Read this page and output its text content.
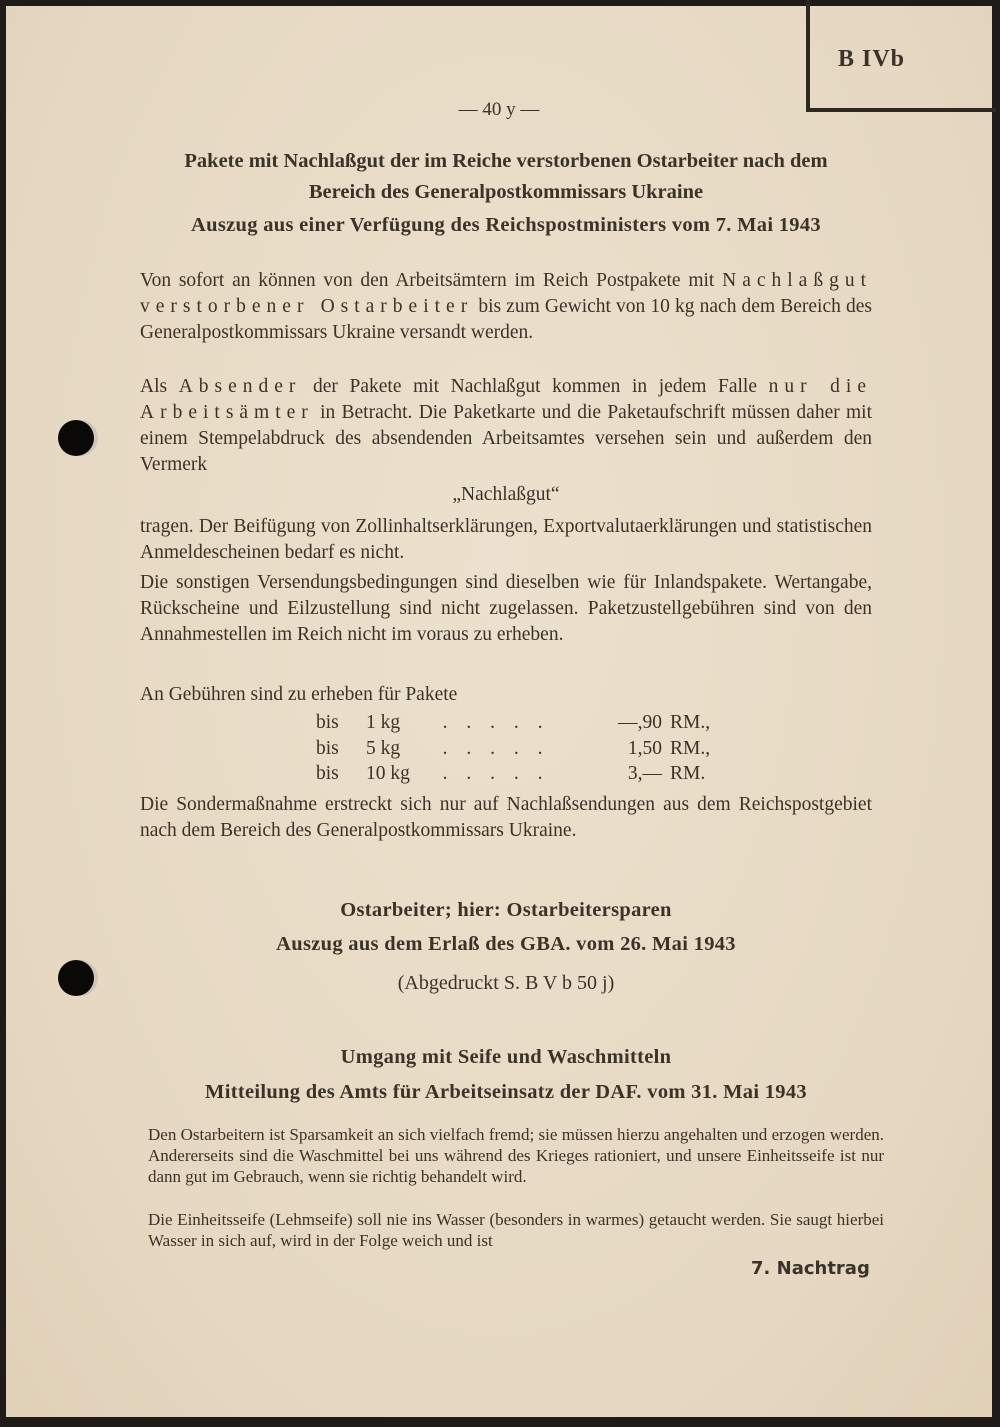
B IVb
— 40 y —
Pakete mit Nachlaßgut der im Reiche verstorbenen Ostarbeiter nach dem
Bereich des Generalpostkommissars Ukraine
Auszug aus einer Verfügung des Reichspostministers vom 7. Mai 1943
Von sofort an können von den Arbeitsämtern im Reich Postpakete mit Nachlaßgut verstorbener Ostarbeiter bis zum Gewicht von 10 kg nach dem Bereich des Generalpostkommissars Ukraine versandt werden.
Als Absender der Pakete mit Nachlaßgut kommen in jedem Falle nur die Arbeitsämter in Betracht. Die Paketkarte und die Paketaufschrift müssen daher mit einem Stempelabdruck des absendenden Arbeitsamtes versehen sein und außerdem den Vermerk
„Nachlaßgut“
tragen. Der Beifügung von Zollinhaltserklärungen, Exportvalutaerklärungen und statistischen Anmeldescheinen bedarf es nicht.
Die sonstigen Versendungsbedingungen sind dieselben wie für Inlandspakete. Wertangabe, Rückscheine und Eilzustellung sind nicht zugelassen. Paketzustellgebühren sind von den Annahmestellen im Reich nicht im voraus zu erheben.
An Gebühren sind zu erheben für Pakete
bis	1 kg	. . . . .	—,90 RM.,
bis	5 kg	. . . . .	1,50 RM.,
bis	10 kg	. . . . .	3,— RM.
Die Sondermaßnahme erstreckt sich nur auf Nachlaßsendungen aus dem Reichspostgebiet nach dem Bereich des Generalpostkommissars Ukraine.
Ostarbeiter; hier: Ostarbeitersparen
Auszug aus dem Erlaß des GBA. vom 26. Mai 1943
(Abgedruckt S. B V b 50 j)
Umgang mit Seife und Waschmitteln
Mitteilung des Amts für Arbeitseinsatz der DAF. vom 31. Mai 1943
Den Ostarbeitern ist Sparsamkeit an sich vielfach fremd; sie müssen hierzu angehalten und erzogen werden. Andererseits sind die Waschmittel bei uns während des Krieges rationiert, und unsere Einheitsseife ist nur dann gut im Gebrauch, wenn sie richtig behandelt wird.
Die Einheitsseife (Lehmseife) soll nie ins Wasser (besonders in warmes) getaucht werden. Sie saugt hierbei Wasser in sich auf, wird in der Folge weich und ist
7. Nachtrag
